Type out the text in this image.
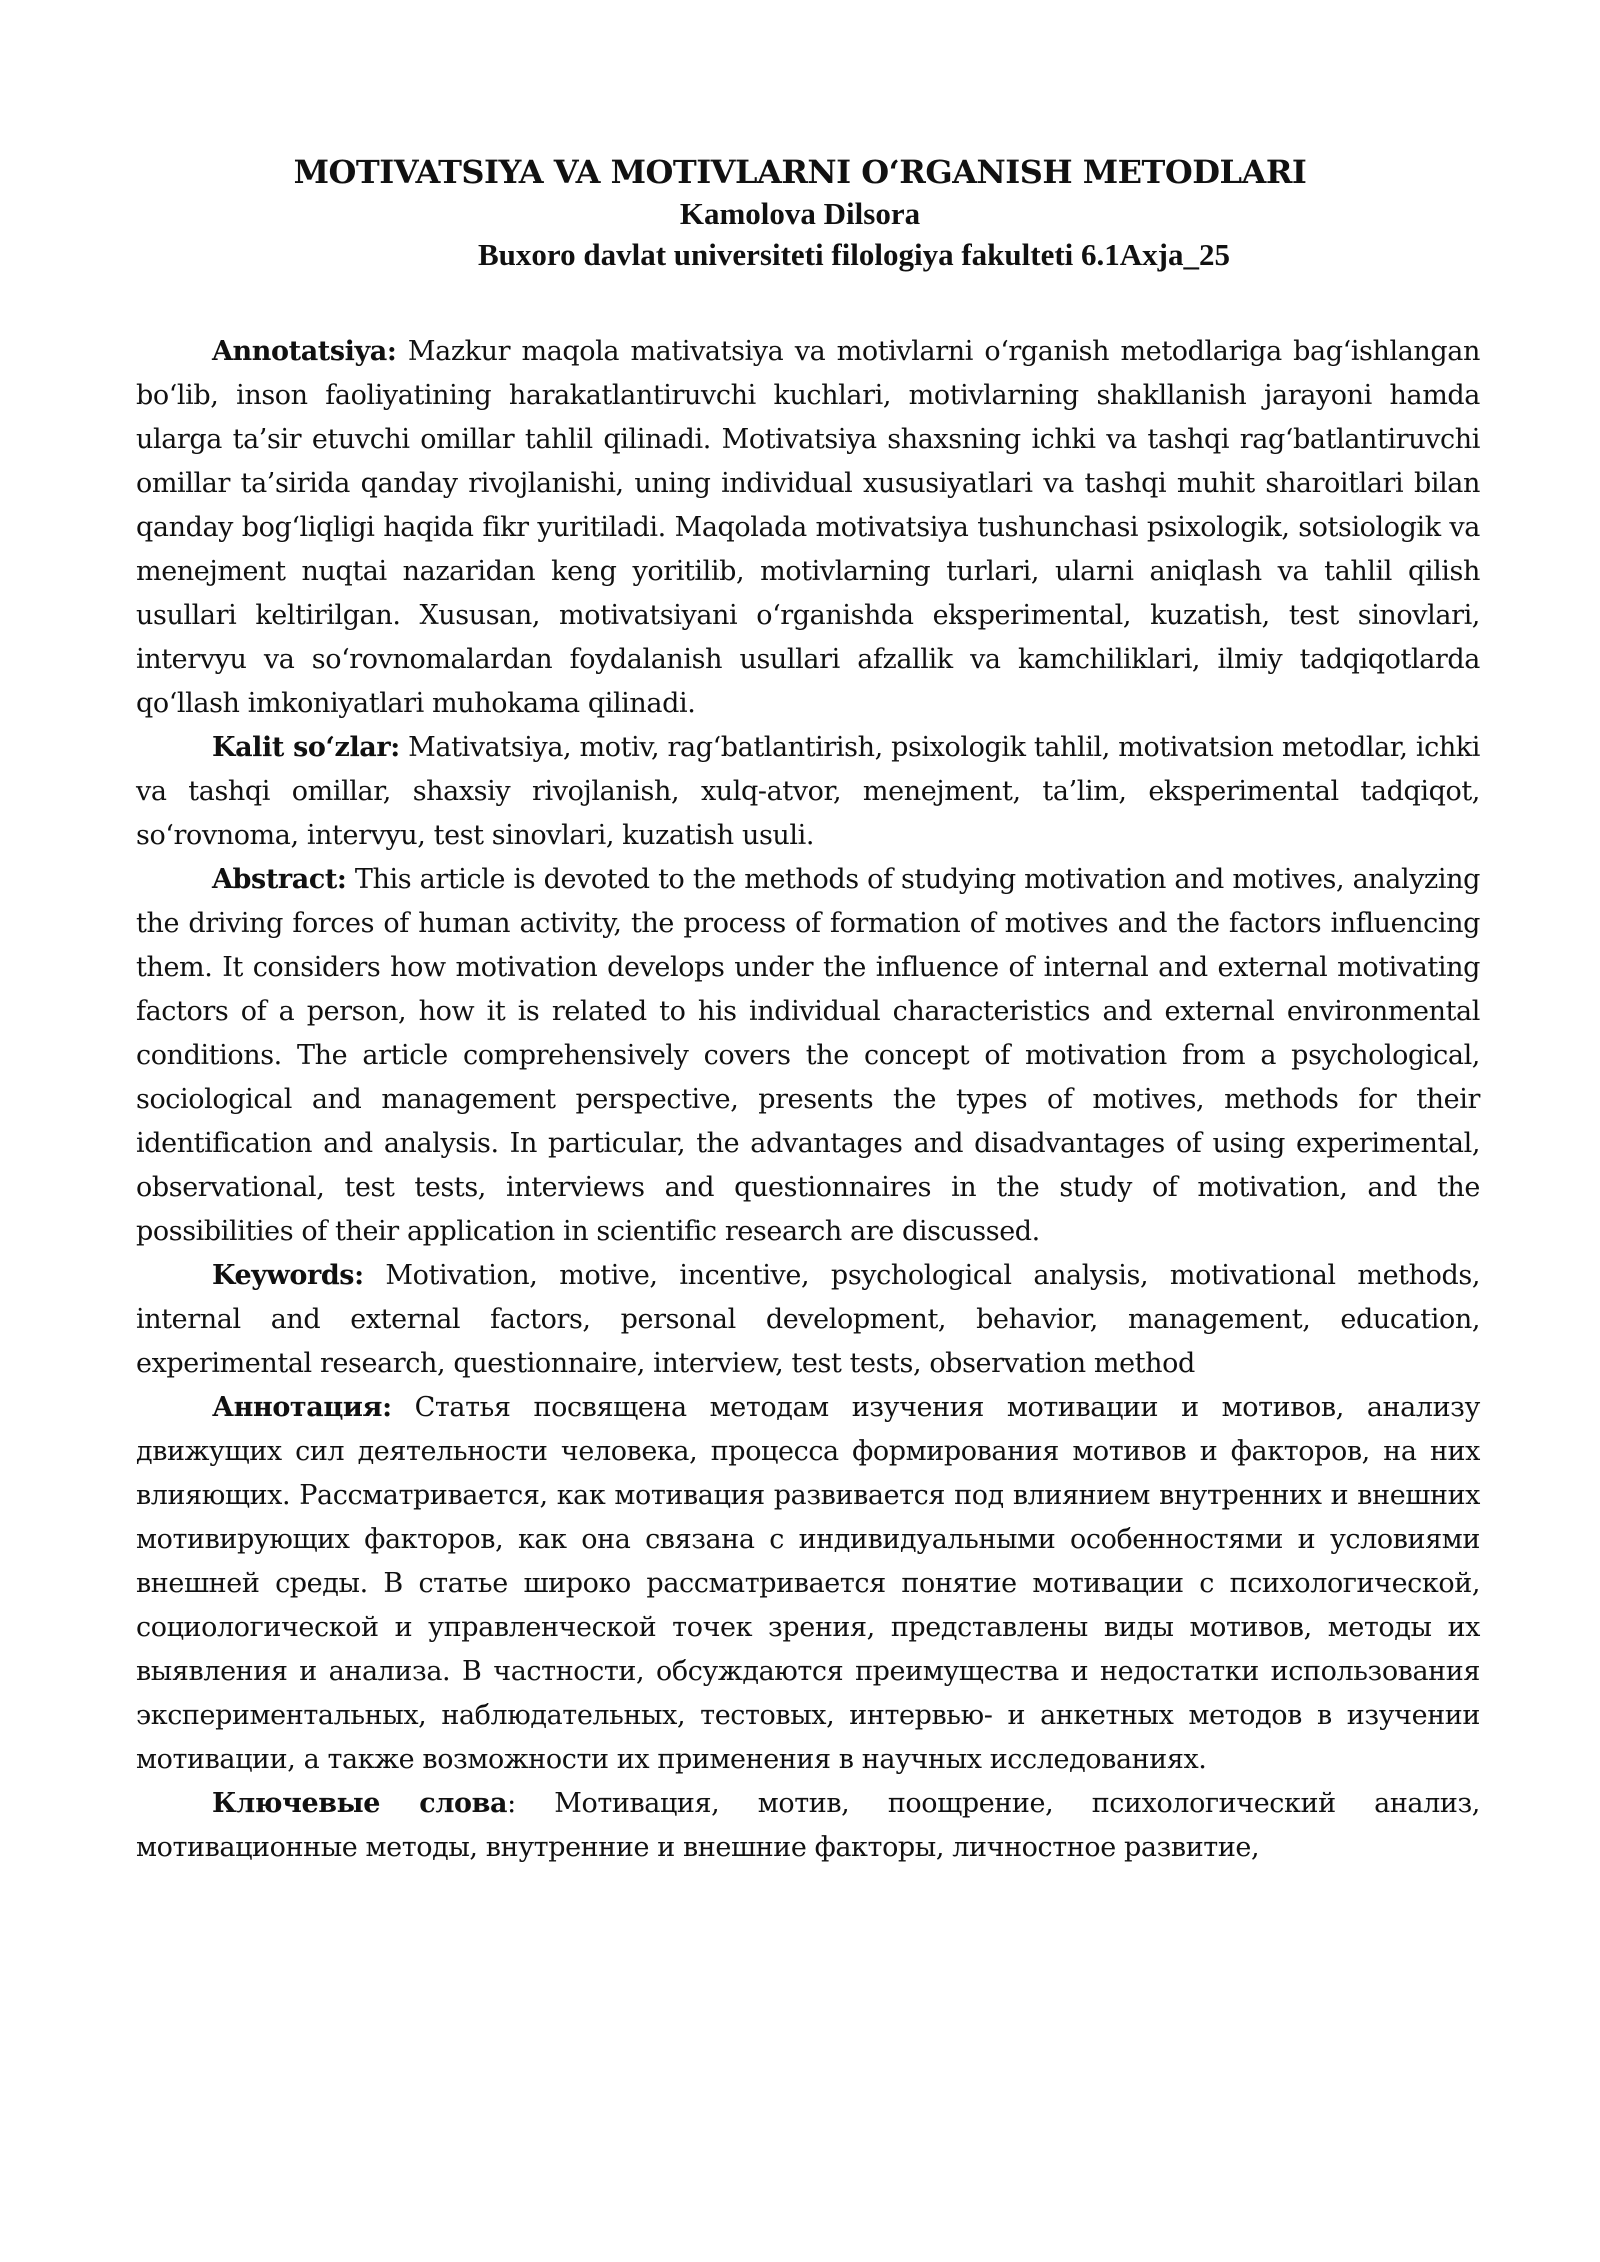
MOTIVATSIYA VA MOTIVLARNI O‘RGANISH METODLARI
Kamolova Dilsora
Buxoro davlat universiteti filologiya fakulteti 6.1Axja_25

Annotatsiya: Mazkur maqola mativatsiya va motivlarni o‘rganish metodlariga bag‘ishlangan bo‘lib, inson faoliyatining harakatlantiruvchi kuchlari, motivlarning shakllanish jarayoni hamda ularga ta’sir etuvchi omillar tahlil qilinadi. Motivatsiya shaxsning ichki va tashqi rag‘batlantiruvchi omillar ta’sirida qanday rivojlanishi, uning individual xususiyatlari va tashqi muhit sharoitlari bilan qanday bog‘liqligi haqida fikr yuritiladi. Maqolada motivatsiya tushunchasi psixologik, sotsiologik va menejment nuqtai nazaridan keng yoritilib, motivlarning turlari, ularni aniqlash va tahlil qilish usullari keltirilgan. Xususan, motivatsiyani o‘rganishda eksperimental, kuzatish, test sinovlari, intervyu va so‘rovnomalardan foydalanish usullari afzallik va kamchiliklari, ilmiy tadqiqotlarda qo‘llash imkoniyatlari muhokama qilinadi.

Kalit so‘zlar: Mativatsiya, motiv, rag‘batlantirish, psixologik tahlil, motivatsion metodlar, ichki va tashqi omillar, shaxsiy rivojlanish, xulq-atvor, menejment, ta’lim, eksperimental tadqiqot, so‘rovnoma, intervyu, test sinovlari, kuzatish usuli.

Abstract: This article is devoted to the methods of studying motivation and motives, analyzing the driving forces of human activity, the process of formation of motives and the factors influencing them. It considers how motivation develops under the influence of internal and external motivating factors of a person, how it is related to his individual characteristics and external environmental conditions. The article comprehensively covers the concept of motivation from a psychological, sociological and management perspective, presents the types of motives, methods for their identification and analysis. In particular, the advantages and disadvantages of using experimental, observational, test tests, interviews and questionnaires in the study of motivation, and the possibilities of their application in scientific research are discussed.

Keywords: Motivation, motive, incentive, psychological analysis, motivational methods, internal and external factors, personal development, behavior, management, education, experimental research, questionnaire, interview, test tests, observation method

Аннотация: Статья посвящена методам изучения мотивации и мотивов, анализу движущих сил деятельности человека, процесса формирования мотивов и факторов, на них влияющих. Рассматривается, как мотивация развивается под влиянием внутренних и внешних мотивирующих факторов, как она связана с индивидуальными особенностями и условиями внешней среды. В статье широко рассматривается понятие мотивации с психологической, социологической и управленческой точек зрения, представлены виды мотивов, методы их выявления и анализа. В частности, обсуждаются преимущества и недостатки использования экспериментальных, наблюдательных, тестовых, интервью- и анкетных методов в изучении мотивации, а также возможности их применения в научных исследованиях.

Ключевые слова: Мотивация, мотив, поощрение, психологический анализ, мотивационные методы, внутренние и внешние факторы, личностное развитие,
